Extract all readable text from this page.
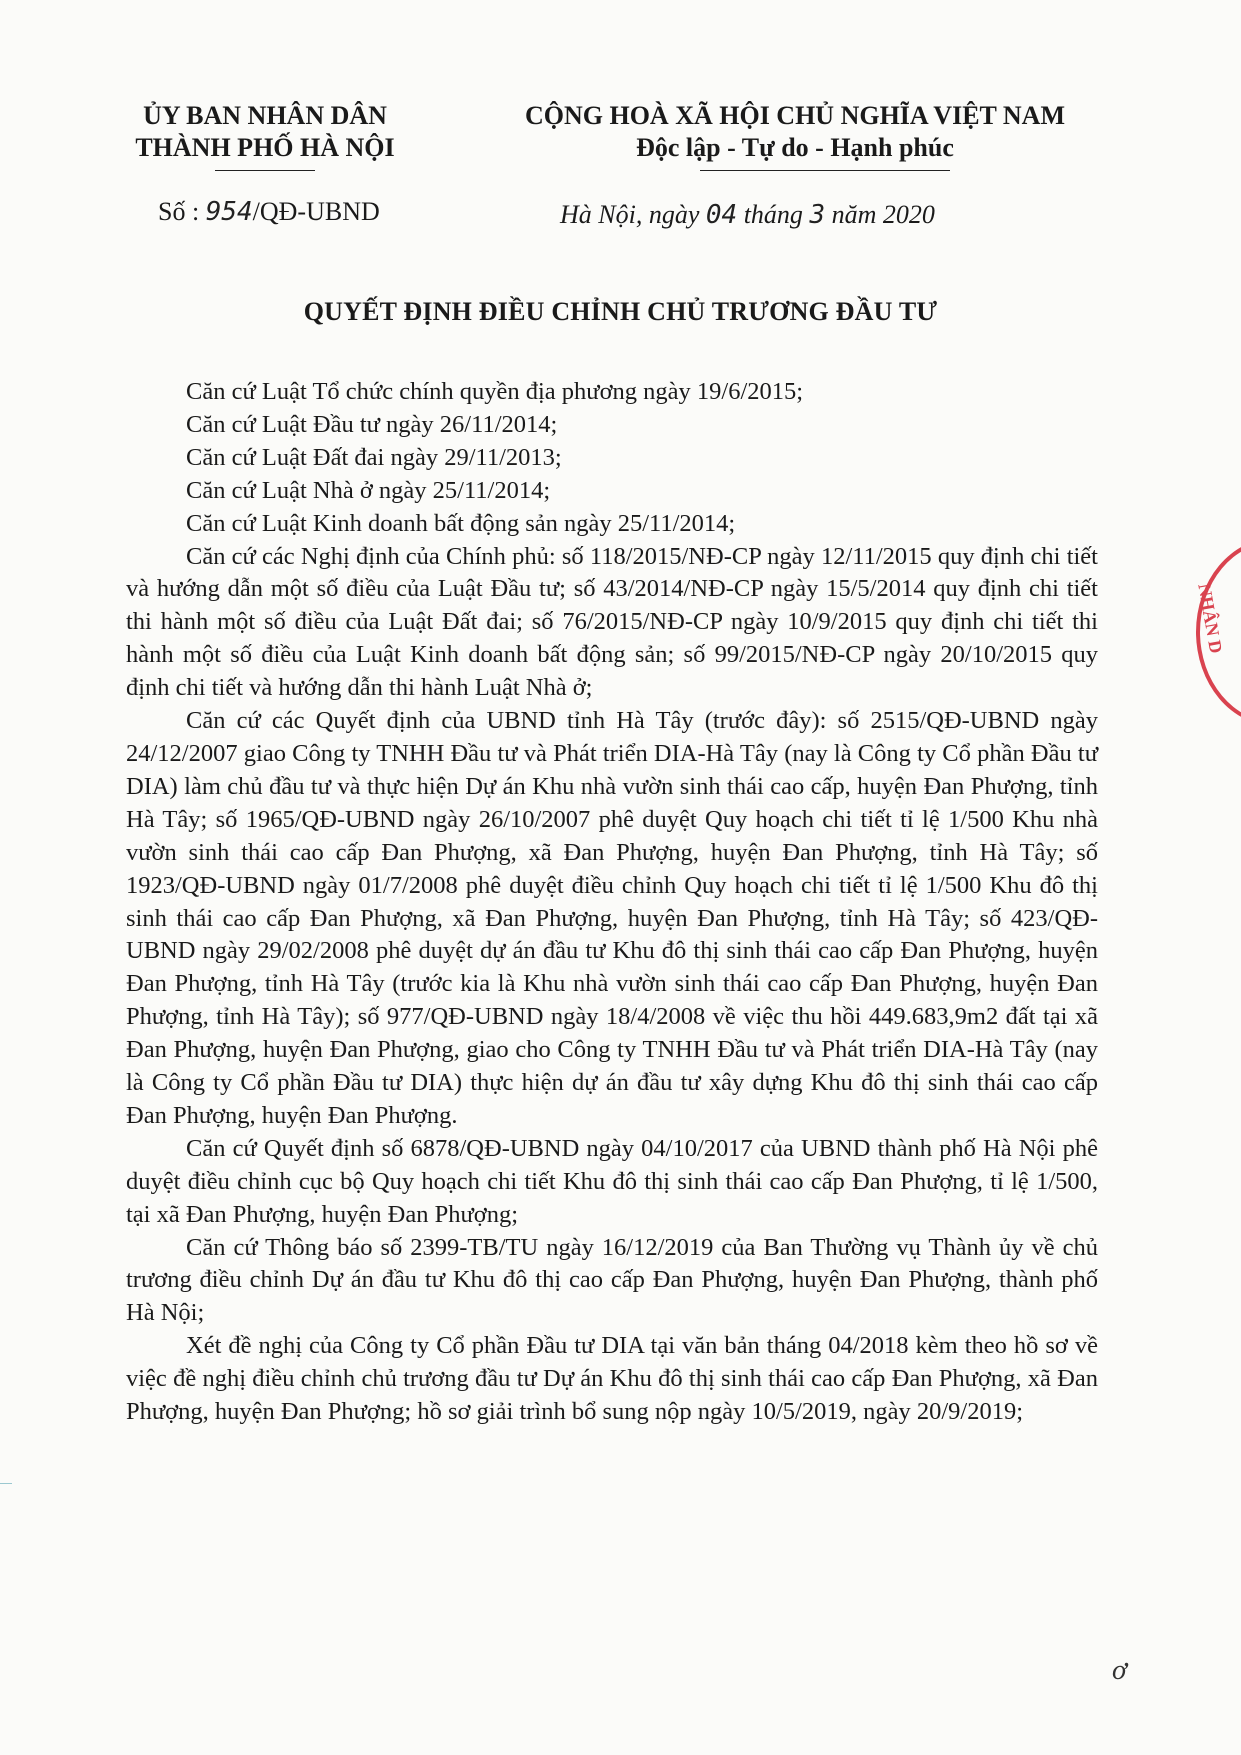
ỦY BAN NHÂN DÂN
THÀNH PHỐ HÀ NỘI
CỘNG HOÀ XÃ HỘI CHỦ NGHĨA VIỆT NAM
Độc lập - Tự do - Hạnh phúc
Số : 954/QĐ-UBND	Hà Nội, ngày 04 tháng 3 năm 2020
QUYẾT ĐỊNH ĐIỀU CHỈNH CHỦ TRƯƠNG ĐẦU TƯ

Căn cứ Luật Tổ chức chính quyền địa phương ngày 19/6/2015;

Căn cứ Luật Đầu tư ngày 26/11/2014;

Căn cứ Luật Đất đai ngày 29/11/2013;

Căn cứ Luật Nhà ở ngày 25/11/2014;

Căn cứ Luật Kinh doanh bất động sản ngày 25/11/2014;

Căn cứ các Nghị định của Chính phủ: số 118/2015/NĐ-CP ngày 12/11/2015 quy định chi tiết và hướng dẫn một số điều của Luật Đầu tư; số 43/2014/NĐ-CP ngày 15/5/2014 quy định chi tiết thi hành một số điều của Luật Đất đai; số 76/2015/NĐ-CP ngày 10/9/2015 quy định chi tiết thi hành một số điều của Luật Kinh doanh bất động sản; số 99/2015/NĐ-CP ngày 20/10/2015 quy định chi tiết và hướng dẫn thi hành Luật Nhà ở;

Căn cứ các Quyết định của UBND tỉnh Hà Tây (trước đây): số 2515/QĐ-UBND ngày 24/12/2007 giao Công ty TNHH Đầu tư và Phát triển DIA-Hà Tây (nay là Công ty Cổ phần Đầu tư DIA) làm chủ đầu tư và thực hiện Dự án Khu nhà vườn sinh thái cao cấp, huyện Đan Phượng, tỉnh Hà Tây; số 1965/QĐ-UBND ngày 26/10/2007 phê duyệt Quy hoạch chi tiết tỉ lệ 1/500 Khu nhà vườn sinh thái cao cấp Đan Phượng, xã Đan Phượng, huyện Đan Phượng, tỉnh Hà Tây; số 1923/QĐ-UBND ngày 01/7/2008 phê duyệt điều chỉnh Quy hoạch chi tiết tỉ lệ 1/500 Khu đô thị sinh thái cao cấp Đan Phượng, xã Đan Phượng, huyện Đan Phượng, tỉnh Hà Tây; số 423/QĐ-UBND ngày 29/02/2008 phê duyệt dự án đầu tư Khu đô thị sinh thái cao cấp Đan Phượng, huyện Đan Phượng, tỉnh Hà Tây (trước kia là Khu nhà vườn sinh thái cao cấp Đan Phượng, huyện Đan Phượng, tỉnh Hà Tây); số 977/QĐ-UBND ngày 18/4/2008 về việc thu hồi 449.683,9m2 đất tại xã Đan Phượng, huyện Đan Phượng, giao cho Công ty TNHH Đầu tư và Phát triển DIA-Hà Tây (nay là Công ty Cổ phần Đầu tư DIA) thực hiện dự án đầu tư xây dựng Khu đô thị sinh thái cao cấp Đan Phượng, huyện Đan Phượng.

Căn cứ Quyết định số 6878/QĐ-UBND ngày 04/10/2017 của UBND thành phố Hà Nội phê duyệt điều chỉnh cục bộ Quy hoạch chi tiết Khu đô thị sinh thái cao cấp Đan Phượng, tỉ lệ 1/500, tại xã Đan Phượng, huyện Đan Phượng;

Căn cứ Thông báo số 2399-TB/TU ngày 16/12/2019 của Ban Thường vụ Thành ủy về chủ trương điều chỉnh Dự án đầu tư Khu đô thị cao cấp Đan Phượng, huyện Đan Phượng, thành phố Hà Nội;

Xét đề nghị của Công ty Cổ phần Đầu tư DIA tại văn bản tháng 04/2018 kèm theo hồ sơ về việc đề nghị điều chỉnh chủ trương đầu tư Dự án Khu đô thị sinh thái cao cấp Đan Phượng, xã Đan Phượng, huyện Đan Phượng; hồ sơ giải trình bổ sung nộp ngày 10/5/2019, ngày 20/9/2019;

NHÂN D
ơ
